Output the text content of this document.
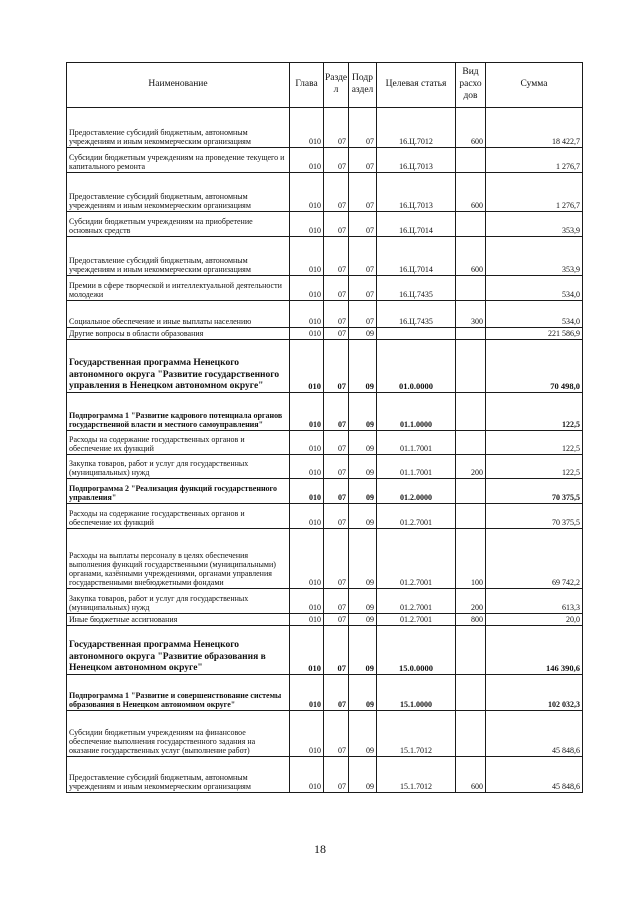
Наименование	Глава	Разде л	Подр аздел	Целевая статья	Вид расхо дов	Сумма
Предоставление субсидий бюджетным, автономным учреждениям и иным некоммерческим организациям	010	07	07	16.Ц.7012	600	18 422,7
Субсидии бюджетным учреждениям на проведение текущего и капитального ремонта	010	07	07	16.Ц.7013		1 276,7
Предоставление субсидий бюджетным, автономным учреждениям и иным некоммерческим организациям	010	07	07	16.Ц.7013	600	1 276,7
Субсидии бюджетным учреждениям на приобретение основных средств	010	07	07	16.Ц.7014		353,9
Предоставление субсидий бюджетным, автономным учреждениям и иным некоммерческим организациям	010	07	07	16.Ц.7014	600	353,9
Премии в сфере творческой и интеллектуальной деятельности молодежи	010	07	07	16.Ц.7435		534,0
Социальное обеспечение и иные выплаты населению	010	07	07	16.Ц.7435	300	534,0
Другие вопросы в области образования	010	07	09			221 586,9
Государственная программа Ненецкого автономного округа "Развитие государственного управления в Ненецком автономном округе"	010	07	09	01.0.0000		70 498,0
Подпрограмма 1 "Развитие кадрового потенциала органов государственной власти и местного самоуправления"	010	07	09	01.1.0000		122,5
Расходы на содержание государственных органов и обеспечение их функций	010	07	09	01.1.7001		122,5
Закупка товаров, работ и услуг для государственных (муниципальных) нужд	010	07	09	01.1.7001	200	122,5
Подпрограмма 2 "Реализация функций государственного управления"	010	07	09	01.2.0000		70 375,5
Расходы на содержание государственных органов и обеспечение их функций	010	07	09	01.2.7001		70 375,5
Расходы на выплаты персоналу в целях обеспечения выполнения функций государственными (муниципальными) органами, казёнными учреждениями, органами управления государственными внебюджетными фондами	010	07	09	01.2.7001	100	69 742,2
Закупка товаров, работ и услуг для государственных (муниципальных) нужд	010	07	09	01.2.7001	200	613,3
Иные бюджетные ассигнования	010	07	09	01.2.7001	800	20,0
Государственная программа Ненецкого автономного округа "Развитие образования в Ненецком автономном округе"	010	07	09	15.0.0000		146 390,6
Подпрограмма 1 "Развитие и совершенствование системы образования в Ненецком автономном округе"	010	07	09	15.1.0000		102 032,3
Субсидии бюджетным учреждениям на финансовое обеспечение выполнения государственного задания на оказание государственных услуг (выполнение работ)	010	07	09	15.1.7012		45 848,6
Предоставление субсидий бюджетным, автономным учреждениям и иным некоммерческим организациям	010	07	09	15.1.7012	600	45 848,6
18
